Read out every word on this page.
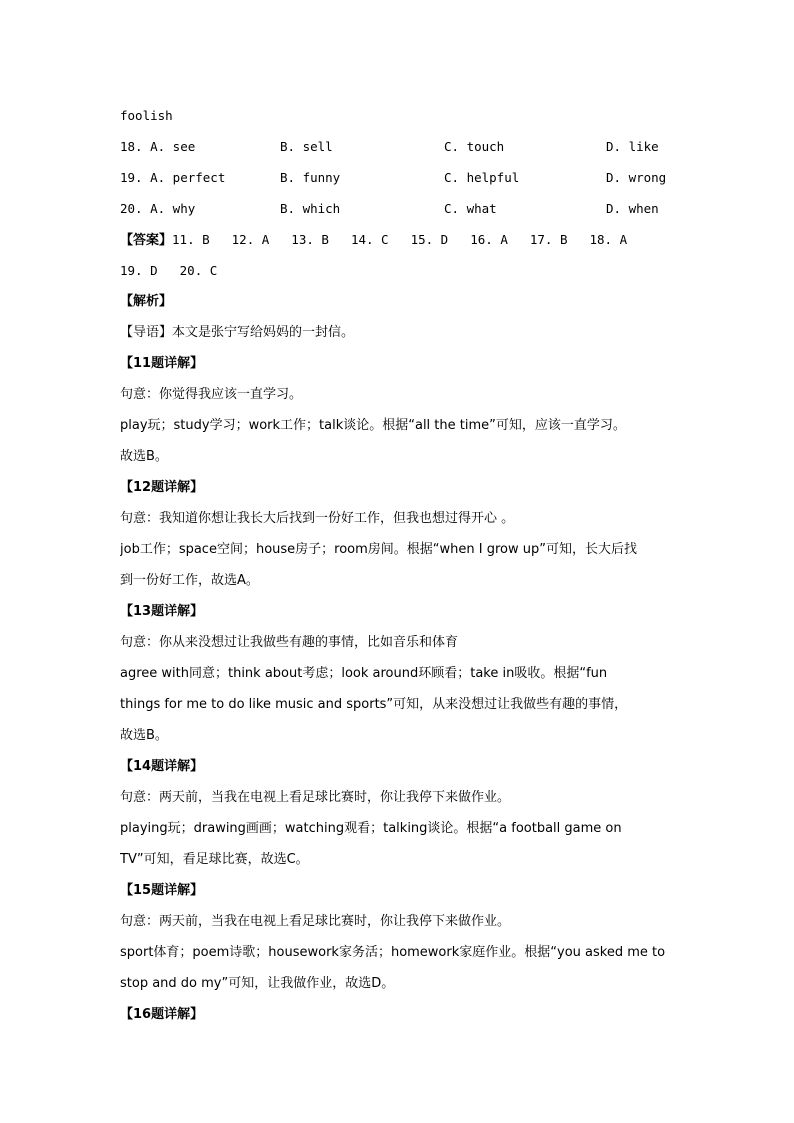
foolish
18. A. see	B. sell	C. touch	D. like
19. A. perfect	B. funny	C. helpful	D. wrong
20. A. why	B. which	C. what	D. when
【答案】11. B 12. A 13. B 14. C 15. D 16. A 17. B 18. A
19. D 20. C
【解析】
【导语】本文是张宁写给妈妈的一封信。
【11题详解】
句意：你觉得我应该一直学习。
play玩；study学习；work工作；talk谈论。根据“all the time”可知，应该一直学习。
故选B。
【12题详解】
句意：我知道你想让我长大后找到一份好工作，但我也想过得开心 。
job工作；space空间；house房子；room房间。根据“when I grow up”可知，长大后找
到一份好工作，故选A。
【13题详解】
句意：你从来没想过让我做些有趣的事情，比如音乐和体育
agree with同意；think about考虑；look around环顾看；take in吸收。根据“fun
things for me to do like music and sports”可知，从来没想过让我做些有趣的事情，
故选B。
【14题详解】
句意：两天前，当我在电视上看足球比赛时，你让我停下来做作业。
playing玩；drawing画画；watching观看；talking谈论。根据“a football game on
TV”可知，看足球比赛，故选C。
【15题详解】
句意：两天前，当我在电视上看足球比赛时，你让我停下来做作业。
sport体育；poem诗歌；housework家务活；homework家庭作业。根据“you asked me to
stop and do my”可知，让我做作业，故选D。
【16题详解】
